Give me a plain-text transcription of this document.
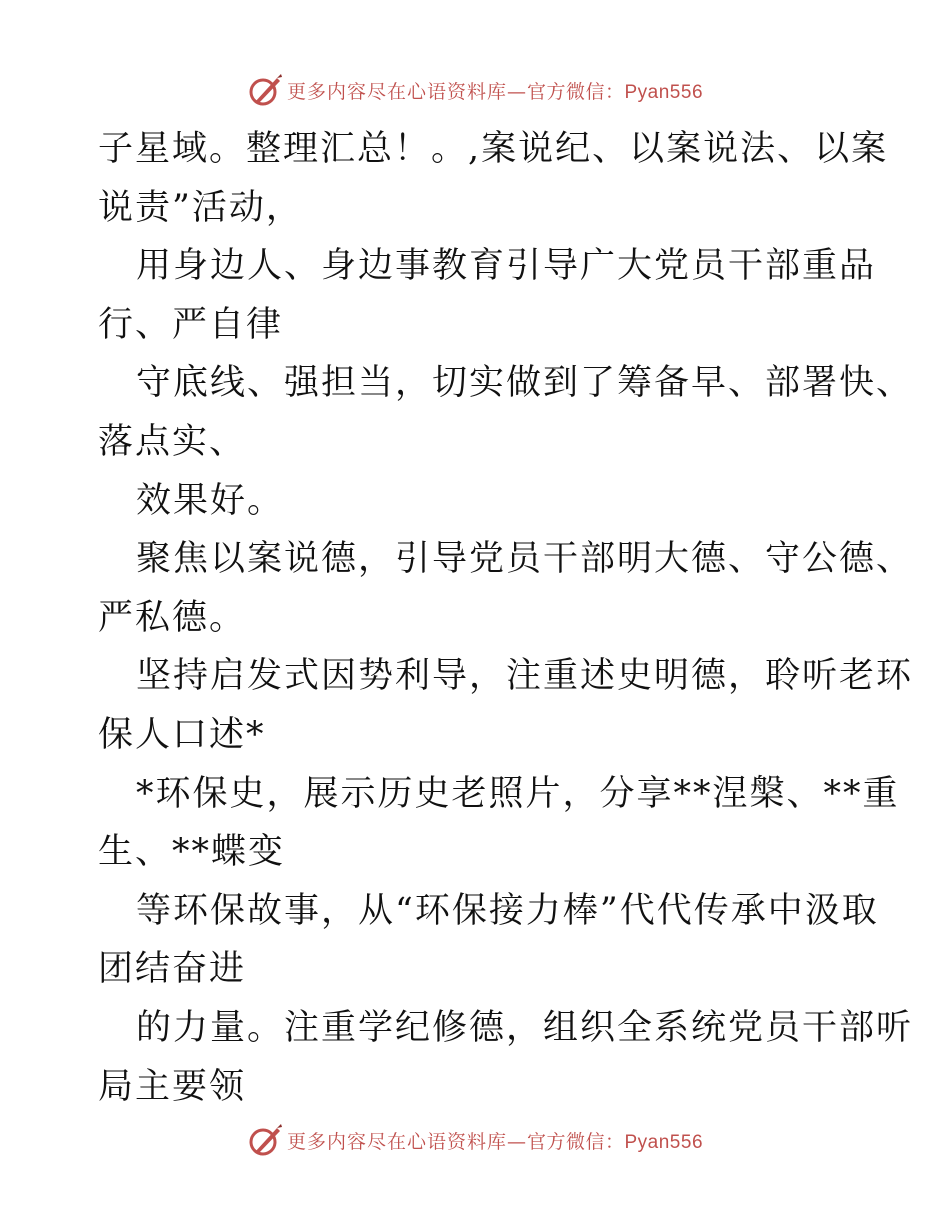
更多内容尽在心语资料库— 官方微信：Pyan556
子星域。整理汇总！。,案说纪、以案说法、以案
说责”活动，
用身边人、身边事教育引导广大党员干部重品
行、严自律
守底线、强担当，切实做到了筹备早、部署快、
落点实、
效果好。
聚焦以案说德，引导党员干部明大德、守公德、
严私德。
坚持启发式因势利导，注重述史明德，聆听老环
保人口述*
*环保史，展示历史老照片，分享**涅槃、**重
生、**蝶变
等环保故事，从“环保接力棒”代代传承中汲取
团结奋进
的力量。注重学纪修德，组织全系统党员干部听
局主要领
更多内容尽在心语资料库— 官方微信：Pyan556
